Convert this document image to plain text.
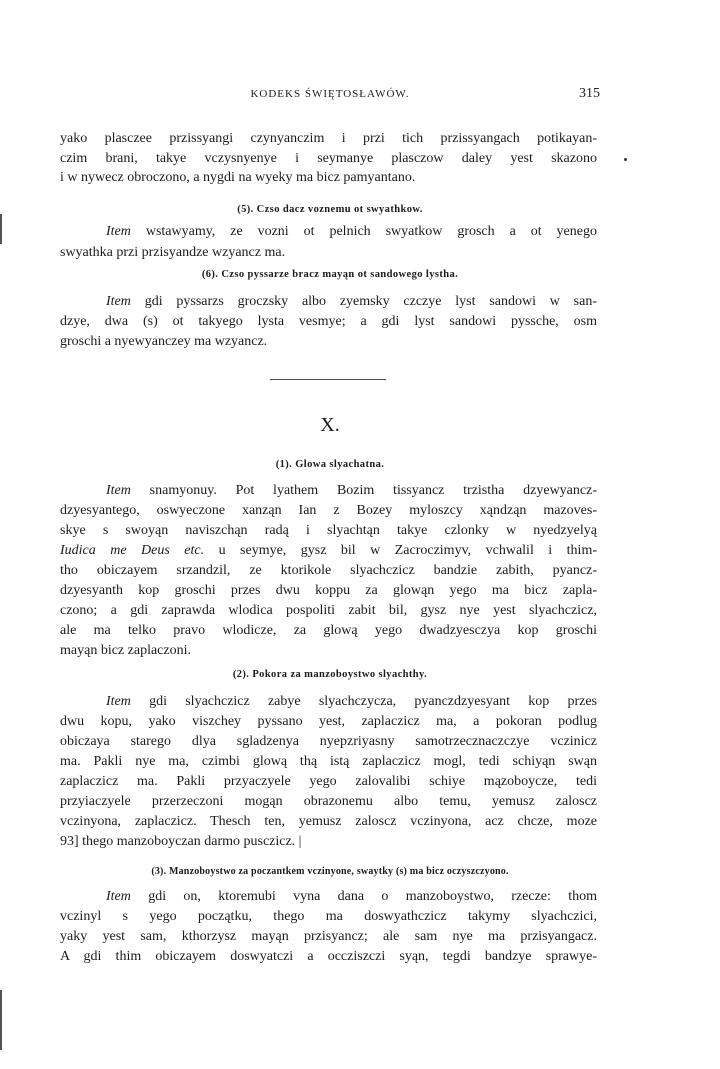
KODEKS ŚWIĘTOSŁAWÓW.	315
yako plasczee przissyangi czynyanczim i przi tich przissyangach potikayan-
czim brani, takye vczysnyenye i seymanye plasczow daley yest skazono
i w nywecz obroczono, a nygdi na wyeky ma bicz pamyantano.
(5). Czso dacz voznemu ot swyathkow.
Item wstawyamy, ze vozni ot pelnich swyatkow grosch a ot yenego
swyathka przi przisyandze wzyancz ma.
(6). Czso pyssarze bracz mayąn ot sandowego lystha.
Item gdi pyssarzs groczsky albo zyemsky czczye lyst sandowi w san-
dzye, dwa (s) ot takyego lysta vesmye; a gdi lyst sandowi pyssche, osm
groschi a nyewyanczey ma wzyancz.
(1). Glowa slyachatna.
Item snamyonuy. Pot lyathem Bozim tissyancz trzistha dzyewyancz-
dzyesyantego, oswyeczone xanząn Ian z Bozey myloszcy xąndząn mazoves-
skye s swoyąn naviszchąn radą i slyachtąn takye czlonky w nyedzyelyą
Iudica me Deus etc. u seymye, gysz bil w Zacroczimyv, vchwalil i thim-
tho obiczayem srzandzil, ze ktorikole slyachczicz bandzie zabith, pyancz-
dzyesyanth kop groschi przes dwu koppu za glowąn yego ma bicz zapla-
czono; a gdi zaprawda wlodica pospoliti zabit bil, gysz nye yest slyachczicz,
ale ma telko pravo wlodicze, za glową yego dwadzyesczya kop groschi
mayąn bicz zaplaczoni.
(2). Pokora za manzoboystwo slyachthy.
Item gdi slyachczicz zabye slyachczycza, pyanczdzyesyant kop przes
dwu kopu, yako viszchey pyssano yest, zaplaczicz ma, a pokoran podlug
obiczaya starego dlya sgladzenya nyepzriyasny samotrzecznaczczye vczinicz
ma. Pakli nye ma, czimbi glową thą istą zaplaczicz mogl, tedi schiyąn swąn
zaplaczicz ma. Pakli przyaczyele yego zalovalibi schiye mązoboycze, tedi
przyiaczyele przerzeczoni mogąn obrazonemu albo temu, yemusz zaloscz
vczinyona, zaplaczicz. Thesch ten, yemusz zaloscz vczinyona, acz chcze, moze
93] thego manzoboyczan darmo pusczicz. |
(3). Manzoboystwo za poczantkem vczinyone, swaytky (s) ma bicz oczyszczyono.
Item gdi on, ktoremubi vyna dana o manzoboystwo, rzecze: thom
vczinyl s yego początku, thego ma doswyathczicz takymy slyachczici,
yaky yest sam, kthorzysz mayąn przisyancz; ale sam nye ma przisyangacz.
A gdi thim obiczayem doswyatczi a occziszczi syąn, tegdi bandzye sprawye-
X.
